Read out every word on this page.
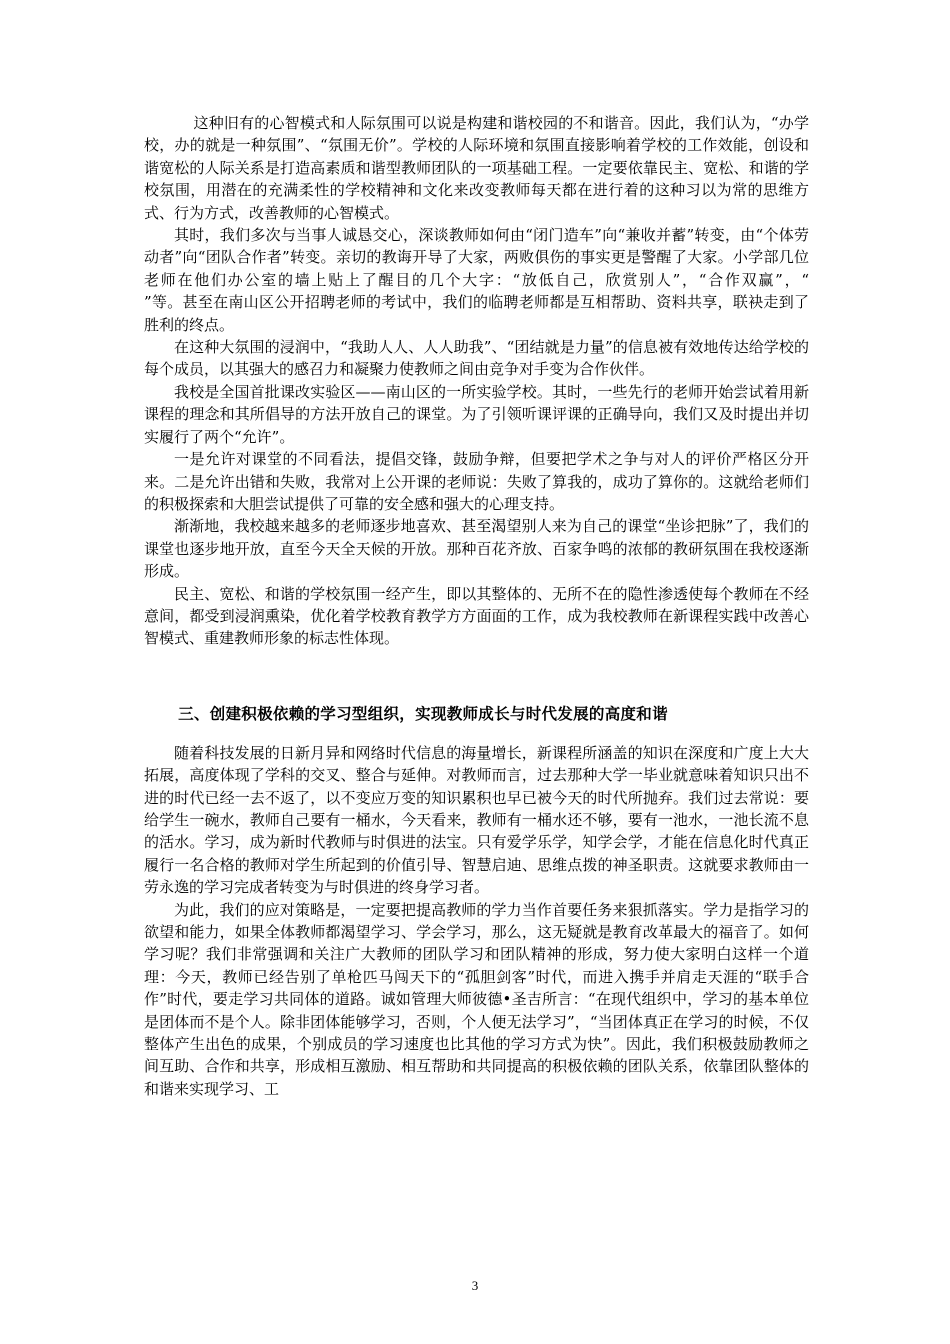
这种旧有的心智模式和人际氛围可以说是构建和谐校园的不和谐音。因此，我们认为，“办学校，办的就是一种氛围”、“氛围无价”。学校的人际环境和氛围直接影响着学校的工作效能，创设和谐宽松的人际关系是打造高素质和谐型教师团队的一项基础工程。一定要依靠民主、宽松、和谐的学校氛围，用潜在的充满柔性的学校精神和文化来改变教师每天都在进行着的这种习以为常的思维方式、行为方式，改善教师的心智模式。

其时，我们多次与当事人诚恳交心，深谈教师如何由“闭门造车”向“兼收并蓄”转变，由“个体劳动者”向“团队合作者”转变。亲切的教诲开导了大家，两败俱伤的事实更是警醒了大家。小学部几位老师在他们办公室的墙上贴上了醒目的几个大字：“放低自己，欣赏别人”，“合作双赢”，“　　　”等。甚至在南山区公开招聘老师的考试中，我们的临聘老师都是互相帮助、资料共享，联袂走到了胜利的终点。

在这种大氛围的浸润中，“我助人人、人人助我”、“团结就是力量”的信息被有效地传达给学校的每个成员，以其强大的感召力和凝聚力使教师之间由竞争对手变为合作伙伴。

我校是全国首批课改实验区——南山区的一所实验学校。其时，一些先行的老师开始尝试着用新课程的理念和其所倡导的方法开放自己的课堂。为了引领听课评课的正确导向，我们又及时提出并切实履行了两个“允许”。

一是允许对课堂的不同看法，提倡交锋，鼓励争辩，但要把学术之争与对人的评价严格区分开来。二是允许出错和失败，我常对上公开课的老师说：失败了算我的，成功了算你的。这就给老师们的积极探索和大胆尝试提供了可靠的安全感和强大的心理支持。

渐渐地，我校越来越多的老师逐步地喜欢、甚至渴望别人来为自己的课堂“坐诊把脉”了，我们的课堂也逐步地开放，直至今天全天候的开放。那种百花齐放、百家争鸣的浓郁的教研氛围在我校逐渐形成。

民主、宽松、和谐的学校氛围一经产生，即以其整体的、无所不在的隐性渗透使每个教师在不经意间，都受到浸润熏染，优化着学校教育教学方方面面的工作，成为我校教师在新课程实践中改善心智模式、重建教师形象的标志性体现。

三、创建积极依赖的学习型组织，实现教师成长与时代发展的高度和谐

随着科技发展的日新月异和网络时代信息的海量增长，新课程所涵盖的知识在深度和广度上大大拓展，高度体现了学科的交叉、整合与延伸。对教师而言，过去那种大学一毕业就意味着知识只出不进的时代已经一去不返了，以不变应万变的知识累积也早已被今天的时代所抛弃。我们过去常说：要给学生一碗水，教师自己要有一桶水，今天看来，教师有一桶水还不够，要有一池水，一池长流不息的活水。学习，成为新时代教师与时俱进的法宝。只有爱学乐学，知学会学，才能在信息化时代真正履行一名合格的教师对学生所起到的价值引导、智慧启迪、思维点拨的神圣职责。这就要求教师由一劳永逸的学习完成者转变为与时俱进的终身学习者。

为此，我们的应对策略是，一定要把提高教师的学力当作首要任务来狠抓落实。学力是指学习的欲望和能力，如果全体教师都渴望学习、学会学习，那么，这无疑就是教育改革最大的福音了。如何学习呢？我们非常强调和关注广大教师的团队学习和团队精神的形成，努力使大家明白这样一个道理：今天，教师已经告别了单枪匹马闯天下的“孤胆剑客”时代，而进入携手并肩走天涯的“联手合作”时代，要走学习共同体的道路。诚如管理大师彼德•圣吉所言：“在现代组织中，学习的基本单位是团体而不是个人。除非团体能够学习，否则，个人便无法学习”，“当团体真正在学习的时候，不仅整体产生出色的成果，个别成员的学习速度也比其他的学习方式为快”。因此，我们积极鼓励教师之间互助、合作和共享，形成相互激励、相互帮助和共同提高的积极依赖的团队关系，依靠团队整体的和谐来实现学习、工

3
